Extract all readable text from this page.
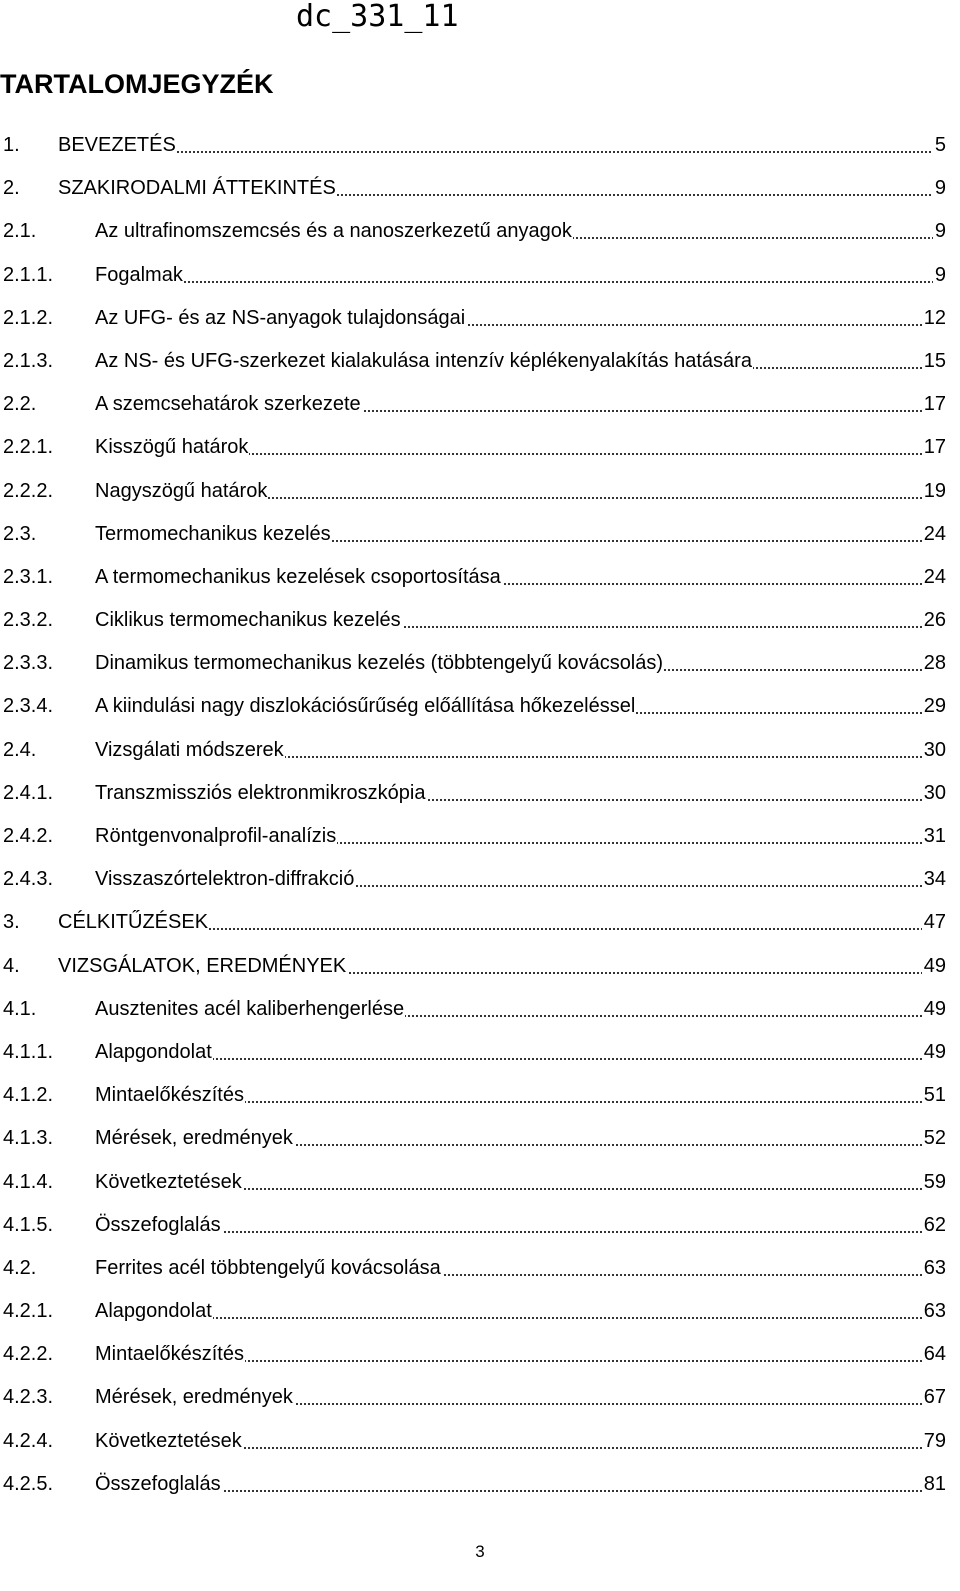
dc_331_11
TARTALOMJEGYZÉK
1. BEVEZETÉS	5
2. SZAKIRODALMI ÁTTEKINTÉS	9
2.1.	Az ultrafinomszemcsés és a nanoszerkezetű anyagok	9
2.1.1. Fogalmak	9
2.1.2. Az UFG- és az NS-anyagok tulajdonságai	12
2.1.3. Az NS- és UFG-szerkezet kialakulása intenzív képlékenyalakítás hatására	15
2.2.	A szemcsehatárok szerkezete	17
2.2.1. Kisszögű határok	17
2.2.2. Nagyszögű határok	19
2.3.	Termomechanikus kezelés	24
2.3.1. A termomechanikus kezelések csoportosítása	24
2.3.2. Ciklikus termomechanikus kezelés	26
2.3.3. Dinamikus termomechanikus kezelés (többtengelyű kovácsolás)	28
2.3.4. A kiindulási nagy diszlokációsűrűség előállítása hőkezeléssel	29
2.4.	Vizsgálati módszerek	30
2.4.1. Transzmissziós elektronmikroszkópia	30
2.4.2. Röntgenvonalprofil-analízis	31
2.4.3. Visszaszórtelektron-diffrakció	34
3. CÉLKITŰZÉSEK	47
4. VIZSGÁLATOK, EREDMÉNYEK	49
4.1.	Ausztenites acél kaliberhengerlése	49
4.1.1. Alapgondolat	49
4.1.2. Mintaelőkészítés	51
4.1.3. Mérések, eredmények	52
4.1.4. Következtetések	59
4.1.5. Összefoglalás	62
4.2.	Ferrites acél többtengelyű kovácsolása	63
4.2.1. Alapgondolat	63
4.2.2. Mintaelőkészítés	64
4.2.3. Mérések, eredmények	67
4.2.4. Következtetések	79
4.2.5. Összefoglalás	81
3
